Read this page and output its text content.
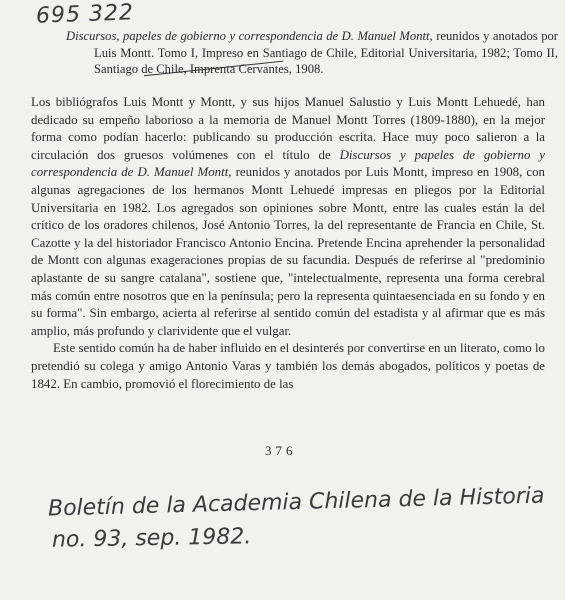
695 322
Discursos, papeles de gobierno y correspondencia de D. Manuel Montt, reunidos y anotados por Luis Montt. Tomo I, Impreso en Santiago de Chile, Editorial Universitaria, 1982; Tomo II, Santiago de Chile, Imprenta Cervantes, 1908.

Los bibliógrafos Luis Montt y Montt, y sus hijos Manuel Salustio y Luis Montt Lehuedé, han dedicado su empeño laborioso a la memoria de Manuel Montt Torres (1809-1880), en la mejor forma como podían hacerlo: publicando su producción escrita. Hace muy poco salieron a la circulación dos gruesos volúmenes con el título de Discursos y papeles de gobierno y correspondencia de D. Manuel Montt, reunidos y anotados por Luis Montt, impreso en 1908, con algunas agregaciones de los hermanos Montt Lehuedé impresas en pliegos por la Editorial Universitaria en 1982. Los agregados son opiniones sobre Montt, entre las cuales están la del crítico de los oradores chilenos, José Antonio Torres, la del representante de Francia en Chile, St. Cazotte y la del historiador Francisco Antonio Encina. Pretende Encina aprehender la personalidad de Montt con algunas exageraciones propias de su facundia. Después de referirse al "predominio aplastante de su sangre catalana", sostiene que, "intelectualmente, representa una forma cerebral más común entre nosotros que en la península; pero la representa quintaesenciada en su fondo y en su forma". Sin embargo, acierta al referirse al sentido común del estadista y al afirmar que es más amplio, más profundo y clarividente que el vulgar.

Este sentido común ha de haber influido en el desinterés por convertirse en un literato, como lo pretendió su colega y amigo Antonio Varas y también los demás abogados, políticos y poetas de 1842. En cambio, promovió el florecimiento de las

376
Boletín de la Academia Chilena de la Historia
no. 93, sep. 1982.
